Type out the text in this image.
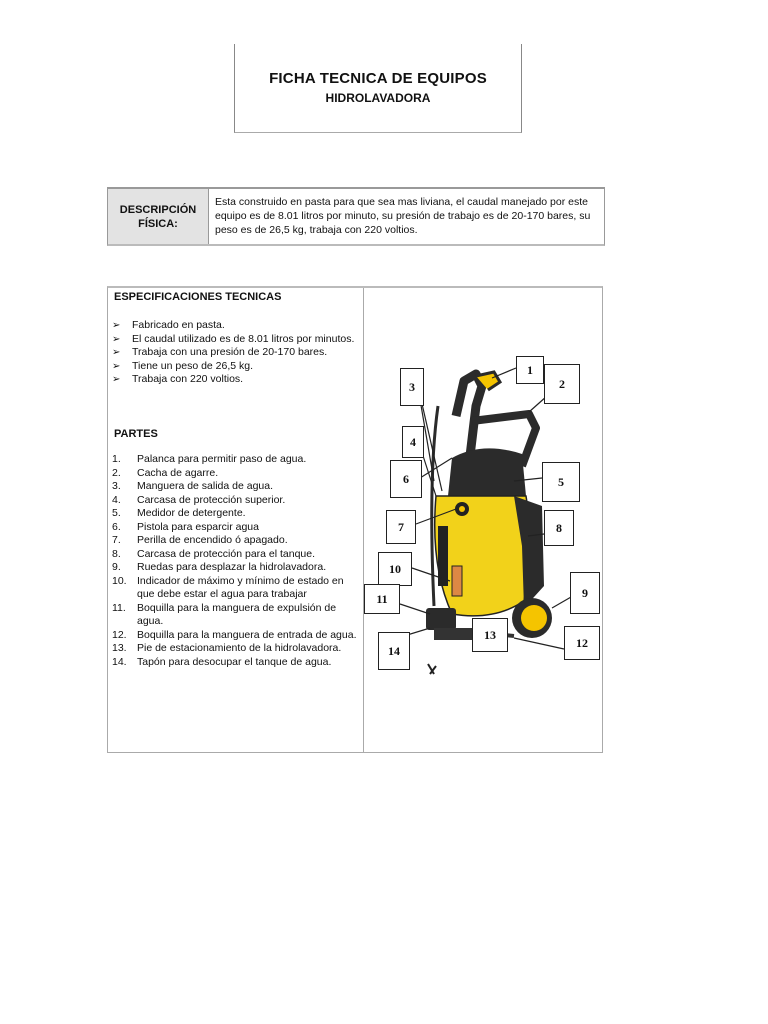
FICHA TECNICA DE EQUIPOS
HIDROLAVADORA
DESCRIPCIÓN
FÍSICA:
Esta construido en pasta para que sea mas liviana, el caudal manejado por este equipo es de 8.01 litros por minuto, su presión de trabajo es de 20-170 bares, su peso es de 26,5 kg, trabaja con 220 voltios.
ESPECIFICACIONES TECNICAS
➢ Fabricado en pasta.
➢ El caudal utilizado es de 8.01 litros por minutos.
➢ Trabaja con una presión de 20-170 bares.
➢ Tiene un peso de 26,5 kg.
➢ Trabaja con 220 voltios.
PARTES
1. Palanca para permitir paso de agua.
2. Cacha de agarre.
3. Manguera de salida de agua.
4. Carcasa de protección superior.
5. Medidor de detergente.
6. Pistola para esparcir agua
7. Perilla de encendido ó apagado.
8. Carcasa de protección para el tanque.
9. Ruedas para desplazar la hidrolavadora.
10. Indicador de máximo y mínimo de estado en que debe estar el agua para trabajar
11. Boquilla para la manguera de expulsión de agua.
12. Boquilla para la manguera de entrada de agua.
13. Pie de estacionamiento de la hidrolavadora.
14. Tapón para desocupar el tanque de agua.
1
2
3
4
5
6
7	8
10
9
11
13
12
14
